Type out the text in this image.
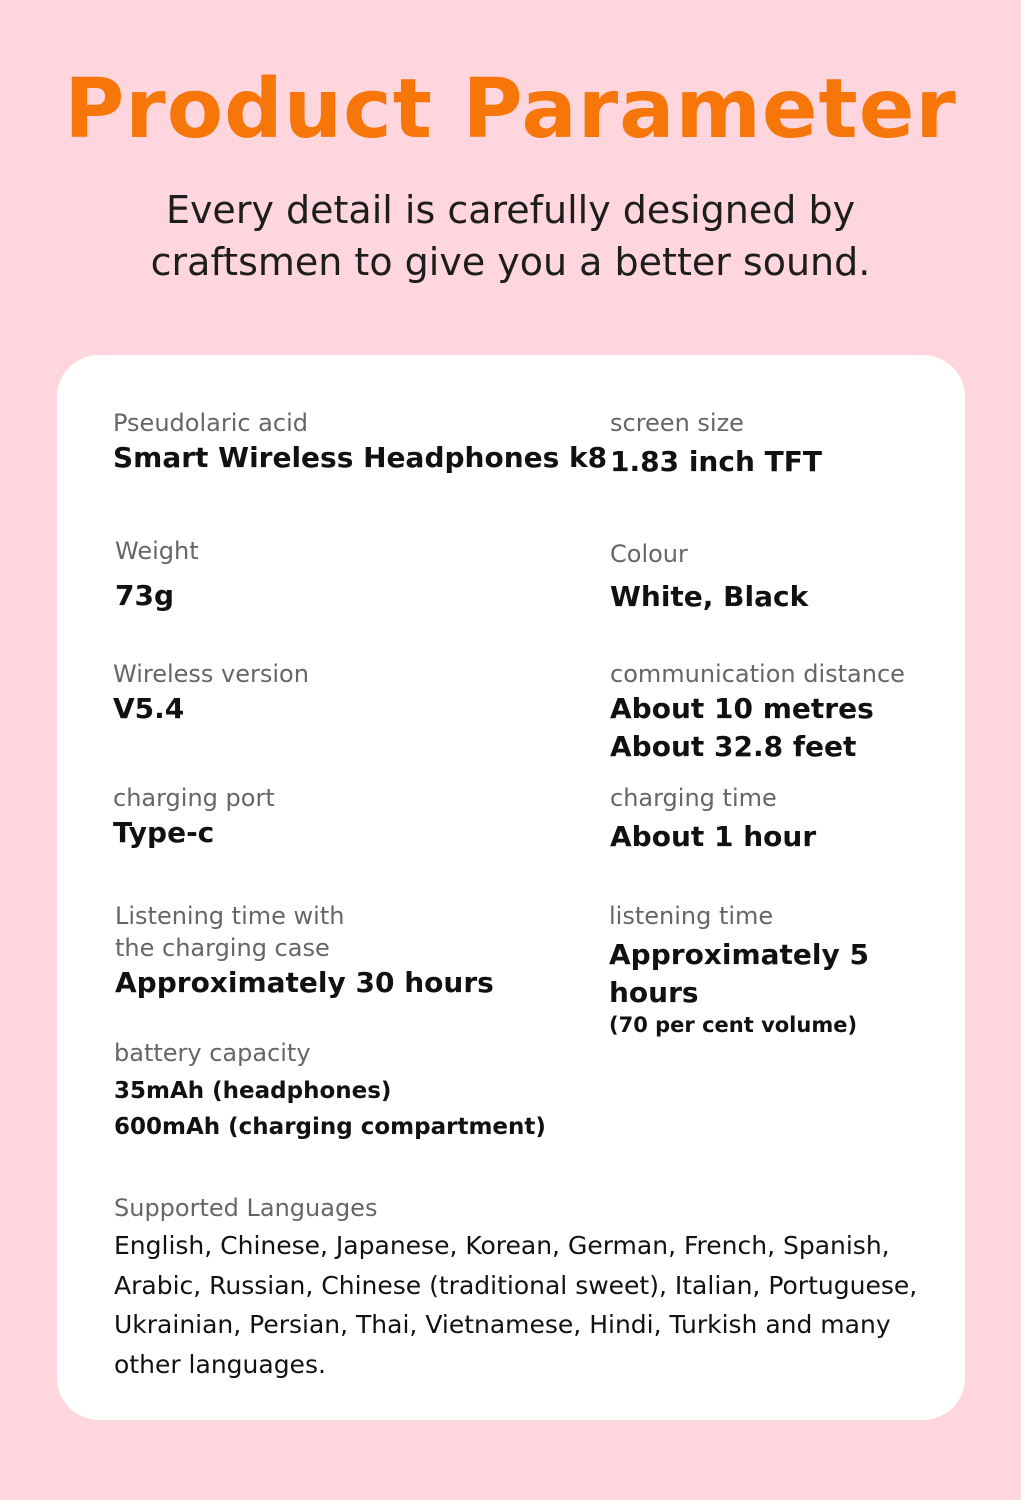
Product Parameter
Every detail is carefully designed by
craftsmen to give you a better sound.
Pseudolaric acid
Smart Wireless Headphones k8
screen size
1.83 inch TFT
Weight
73g
Colour
White, Black
Wireless version
V5.4
communication distance
About 10 metres
About 32.8 feet
charging port
Type-c
charging time
About 1 hour
Listening time with
the charging case
Approximately 30 hours
listening time
Approximately 5 hours
(70 per cent volume)
battery capacity
35mAh (headphones)
600mAh (charging compartment)
Supported Languages
English, Chinese, Japanese, Korean, German, French, Spanish, Arabic, Russian, Chinese (traditional sweet), Italian, Portuguese, Ukrainian, Persian, Thai, Vietnamese, Hindi, Turkish and many other languages.
